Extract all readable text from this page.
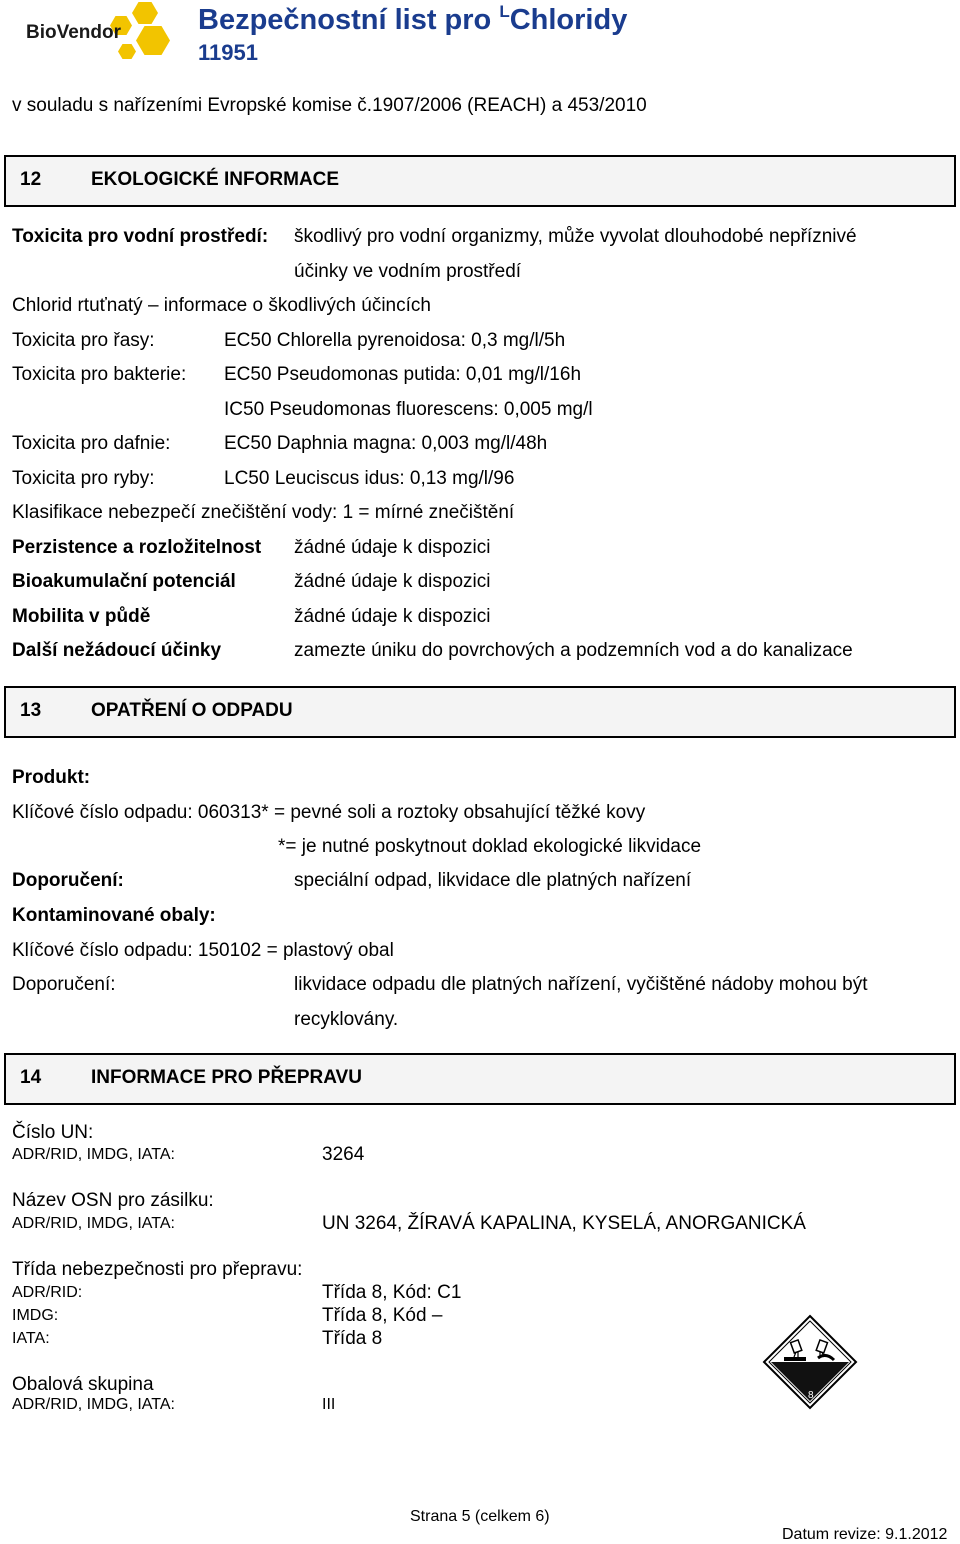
BioVendor	Bezpečnostní list pro $^L$Chloridy
11951
v souladu s nařízeními Evropské komise č.1907/2006 (REACH) a 453/2010
12	EKOLOGICKÉ INFORMACE
Toxicita pro vodní prostředí: škodlivý pro vodní organizmy, může vyvolat dlouhodobé nepříznivé
účinky ve vodním prostředí
Chlorid rtuťnatý – informace o škodlivých účincích
Toxicita pro řasy:	EC50 Chlorella pyrenoidosa: 0,3 mg/l/5h
Toxicita pro bakterie: EC50 Pseudomonas putida: 0,01 mg/l/16h
IC50 Pseudomonas fluorescens: 0,005 mg/l
Toxicita pro dafnie:	EC50 Daphnia magna: 0,003 mg/l/48h
Toxicita pro ryby:	LC50 Leuciscus idus: 0,13 mg/l/96
Klasifikace nebezpečí znečištění vody: 1 = mírné znečištění
Perzistence a rozložitelnost žádné údaje k dispozici
Bioakumulační potenciál	žádné údaje k dispozici
Mobilita v půdě	žádné údaje k dispozici
Další nežádoucí účinky	zamezte úniku do povrchových a podzemních vod a do kanalizace
13	OPATŘENÍ O ODPADU
Produkt:
Klíčové číslo odpadu: 060313* = pevné soli a roztoky obsahující těžké kovy
*= je nutné poskytnout doklad ekologické likvidace
Doporučení:	speciální odpad, likvidace dle platných nařízení
Kontaminované obaly:
Klíčové číslo odpadu: 150102 = plastový obal
Doporučení:	likvidace odpadu dle platných nařízení, vyčištěné nádoby mohou být
recyklovány.
14	INFORMACE PRO PŘEPRAVU
Číslo UN:
ADR/RID, IMDG, IATA:	3264
Název OSN pro zásilku:
ADR/RID, IMDG, IATA:	UN 3264, ŽÍRAVÁ KAPALINA, KYSELÁ, ANORGANICKÁ
Třída nebezpečnosti pro přepravu:
ADR/RID:	Třída 8, Kód: C1
IMDG:	Třída 8, Kód –
IATA:	Třída 8
Obalová skupina
ADR/RID, IMDG, IATA:	III
8
Strana 5 (celkem 6)
Datum revize: 9.1.2012
